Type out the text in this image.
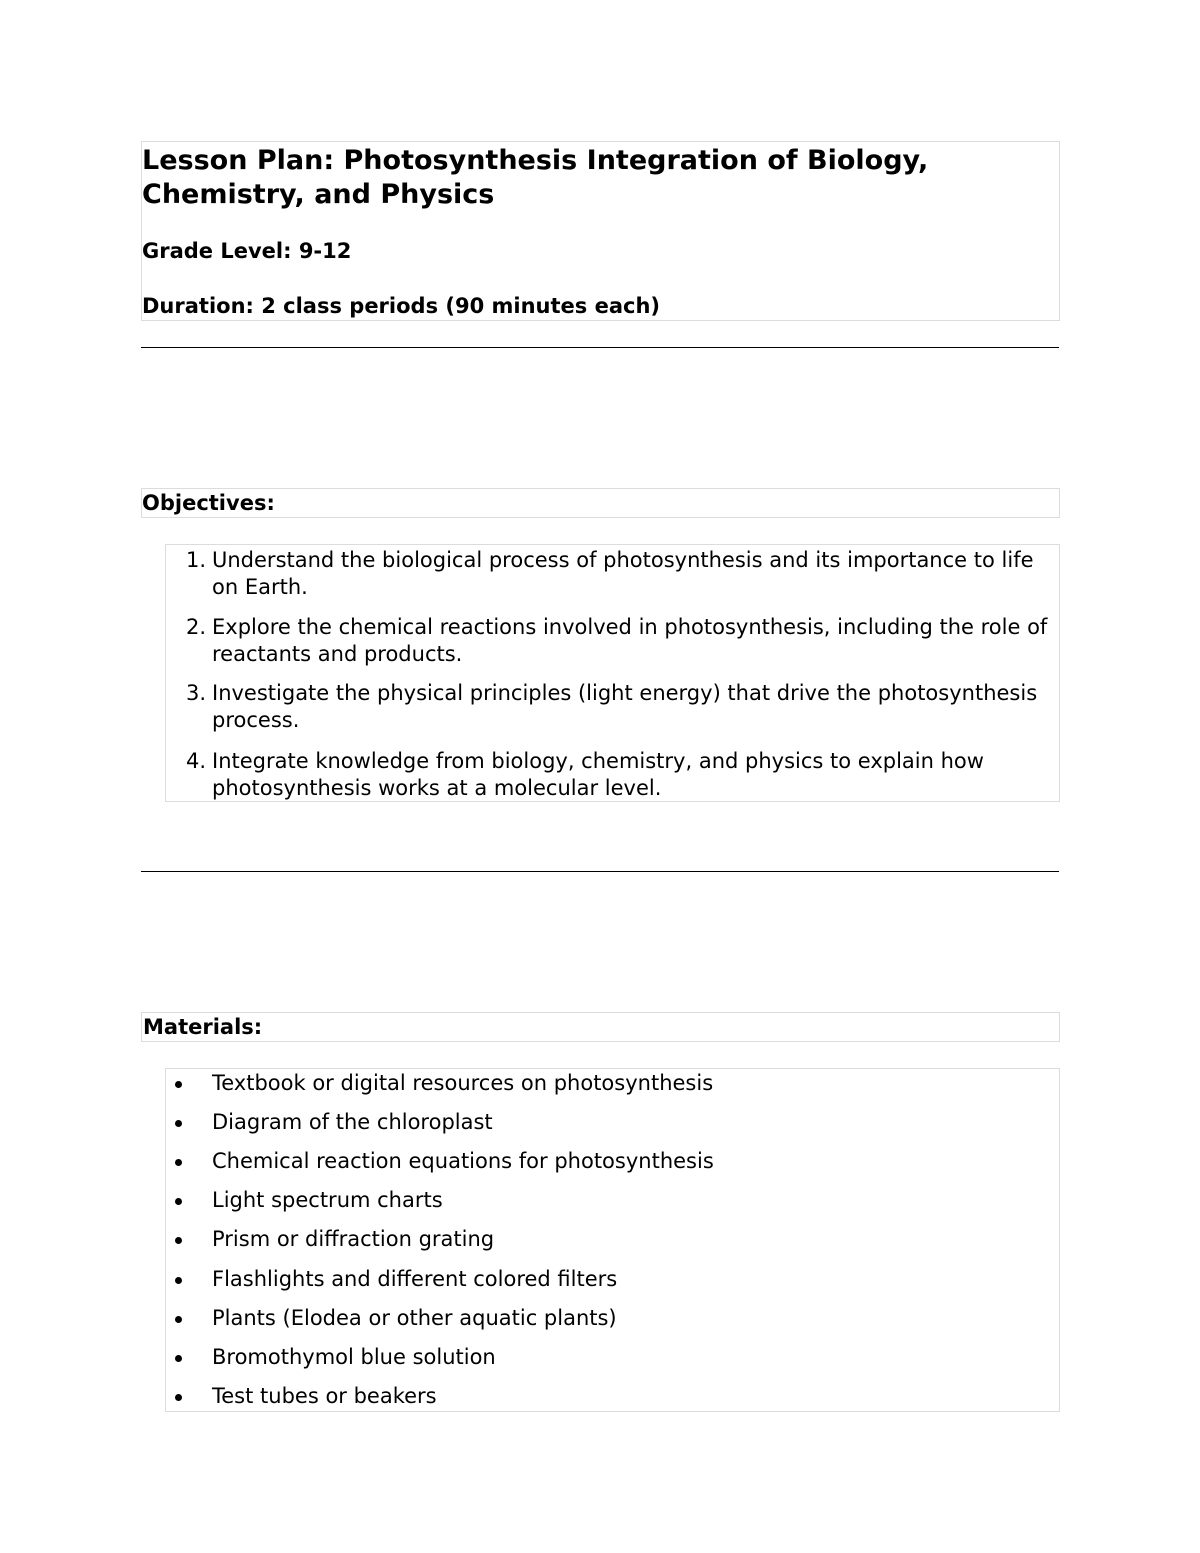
Lesson Plan: Photosynthesis Integration of Biology, Chemistry, and Physics

Grade Level: 9-12

Duration: 2 class periods (90 minutes each)

Objectives:
1. Understand the biological process of photosynthesis and its importance to life on Earth.
2. Explore the chemical reactions involved in photosynthesis, including the role of reactants and products.
3. Investigate the physical principles (light energy) that drive the photosynthesis process.
4. Integrate knowledge from biology, chemistry, and physics to explain how photosynthesis works at a molecular level.
Materials:
Textbook or digital resources on photosynthesis
Diagram of the chloroplast
Chemical reaction equations for photosynthesis
Light spectrum charts
Prism or diffraction grating
Flashlights and different colored filters
Plants (Elodea or other aquatic plants)
Bromothymol blue solution
Test tubes or beakers
